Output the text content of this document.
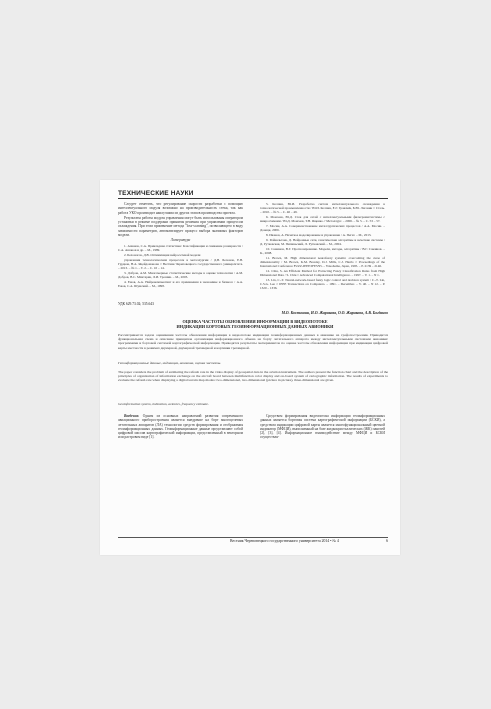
ТЕХНИЧЕСКИЕ НАУКИ

Следует отметить, что регулирование скорости разработки с помощью интеллектуального модуля возможно на производительность стека, так как работа УКО производит наилучшим из других этапов производства проекта.

Результаты работы модуля управления могут быть использованы оператором установки в режиме поддержки принятия решения при управлении процессом охлаждения. При этом применение метода "loss-scanning", позволяющего в виду зависимости параметров, автоматизирует процесс выбора значимых факторов модели.

Литература

1. Ашанов, С.А. Прикладная статистика: Классификация и снижение размерности / С.А. Ашанов и др. – М., 1989.

2. Белоногов, Д.В. Оптимизация нейросетевой модели

управления технологическим процессом в металлургии / Д.В. Белонов, Е.В. Грудков, Н.А. Яцейдомонова // Вестник Череповецкого государственного университета. – 2013. – № 1. – Т. 2. – С. 10 – 14.

3. Добров, А.М. Многомерные статистические методы в оценке технологии / А.М. Добров, В.С. Мхитарян, Л.И. Трошин. – М., 2003.

4. Ежов, А.А. Нейрокомпьютинг и его применения в экономике и бизнесе / А.А. Ежов, С.А. Шумский. – М., 1998.

5. Колчин, Ю.И. Разработка систем интеллектуального охлаждения в технологической промышленности / Ю.И. Колчин, Е.Г. Гравачёв, Б.Ю. Лаговин // Сталь. – 2010. – № 5. – С. 46 – 49.

6. Моисеев, Ю.Д. Стек для сетей с интеллектуальными фильтрами/системы с микросхемами / Ю.Д. Моисеев, Т.Н. Ященко // Металлург. – 2006. – № 5. – С. 53 – 57.

7. Мосин, А.А. Совершенствование металлургических процессов / А.А. Мосин. – Донецк, 2006.

8. Иванов, А. Нечеткое моделирование и управление / А. Пегат. – М., 2013.

9. Рейнальтаев, Д. Нейронные сети, генетические алгоритмы и нечеткие системы / Д. Рутковская, М. Пилиньский, Л. Рутковский. – М., 2004.

10. Сажинов, В.Г. Прогнозирование. Модели, методы, алгоритмы / В.Г. Сажинов. – К., 2008.

11. Brown, M. High dimensional neurofuzzy systems: overcoming the curse of dimensionality / M. Brown, K.M. Bossley, D.J. Mills, C.J. Harris // Proceedings of the International Conference FUZZ-IEEE/IFES'95. – Yokohama, Japan, 1995. – P. 2139 – 2146.

12. Chiu, S. An Efficient Method for Extracting Fuzzy Classification Rules from High Dimensional Data / S. Chiu // Advanced Computational Intelligence. – 1997. – V. 1. – N 1.

13. Lin, C.-T. Neural-network-based fuzzy logic control and decision system / C.-T. Lin, C.S.G. Lee // IEEE Transactions on Computers. – 1991. – December. – V. 40. – N 12. – P. 1320 – 1336.

УДК 629.73.02; 535.643
М.О. Костишин, И.О. Жарикова, О.О. Жарикова, А.В. Богданов
ОЦЕНКА ЧАСТОТЫ ОБНОВЛЕНИЯ ИНФОРМАЦИИ В ВИДЕОПОТОКЕ
ИНДИКАЦИИ БОРТОВЫХ ГЕОИНФОРМАЦИОННЫХ ДАННЫХ АВИОНИКИ
Рассматривается задача оценивания частоты обновления информации в видеопотоке индикации геоинформационных данных в авионике на графопостроении. Приводится функциональная схема и описание принципов организации информационного обмена на борту летательного аппарата между интеллектуальными системами авионики/ программами и бортовой системой картографической информации. Приводятся результаты экспериментов по оценке частоты обновления информации при индикации цифровой карты местности в режимах двумерной, двумерной трехмерной и картинки трехмерной.
Геоинформационные данные, индикация, авионика, оценка частоты.
The paper considers the problem of estimating the refresh rate in the video display of geospatial data in the aviation instrument. The authors present the function chart and the description of the principles of organization of information exchange on the aircraft board between multifunction color display and on-board system of cartographic information. The results of experiments to evaluate the refresh rate when displaying a digital terrain map modes: two-dimensional, two-dimensional (picture in picture), three-dimensional are given.
Geoinformation system, indication, avionics, frequency estimate.

Введение. Одним из основных направлений развития современного авиационного приборостроения является внедрение на борт многоцелевых летательных аппаратов (ЛА) технологии средств формирования и отображения геоинформационных данных. Геоинформационные данные представляют собой цифровой массив картографической информации, представленный в векторном или растровом виде [1].

Средством формирования видеопотока информации геоинформационных данных является бортовая система картографической информации (БСКИ), а средством индикации цифровой карты является многофункциональный цветной индикатор (МФЦИ), выполненный на базе жидкокристаллических (ЖК) панелей [2], [3], [4]. Информационное взаимодействие между МФЦИ и БСКИ осуществля-

Вестник Череповецкого государственного университета 2014 • № 4	6
